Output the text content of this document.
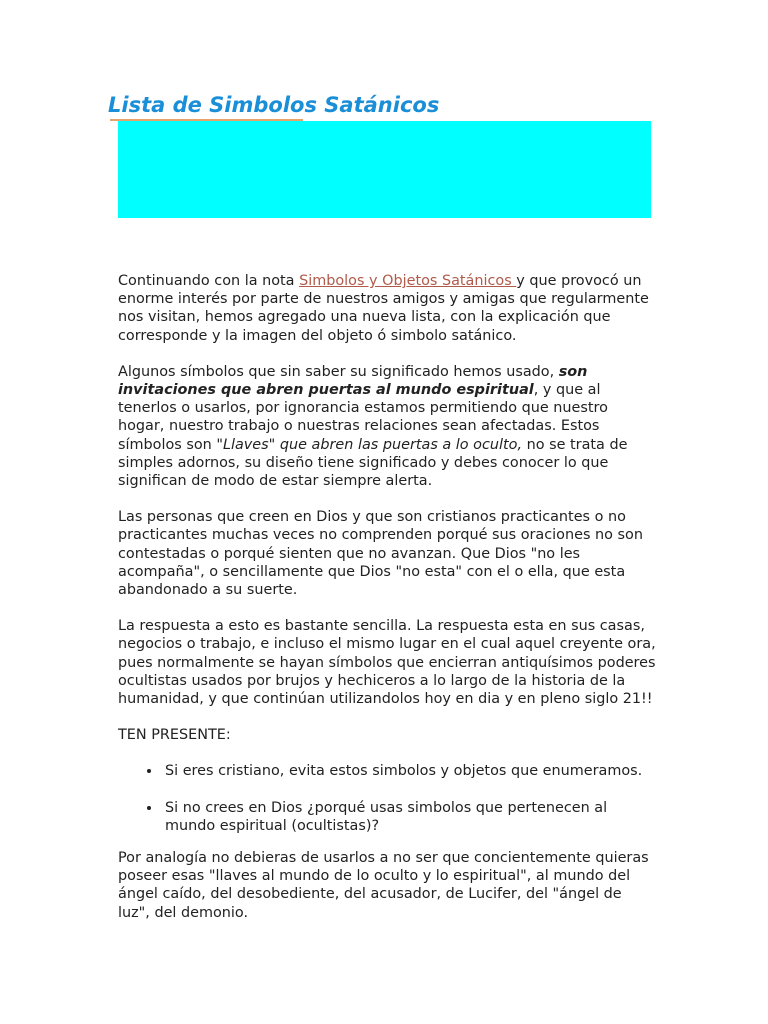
Lista de Simbolos Satánicos

Continuando con la nota Simbolos y Objetos Satánicos y que provocó un enorme interés por parte de nuestros amigos y amigas que regularmente nos visitan, hemos agregado una nueva lista, con la explicación que corresponde y la imagen del objeto ó simbolo satánico.

Algunos símbolos que sin saber su significado hemos usado, son invitaciones que abren puertas al mundo espiritual, y que al tenerlos o usarlos, por ignorancia estamos permitiendo que nuestro hogar, nuestro trabajo o nuestras relaciones sean afectadas. Estos símbolos son "Llaves" que abren las puertas a lo oculto, no se trata de simples adornos, su diseño tiene significado y debes conocer lo que significan de modo de estar siempre alerta.

Las personas que creen en Dios y que son cristianos practicantes o no practicantes muchas veces no comprenden porqué sus oraciones no son contestadas o porqué sienten que no avanzan. Que Dios "no les acompaña", o sencillamente que Dios "no esta" con el o ella, que esta abandonado a su suerte.

La respuesta a esto es bastante sencilla. La respuesta esta en sus casas, negocios o trabajo, e incluso el mismo lugar en el cual aquel creyente ora, pues normalmente se hayan símbolos que encierran antiquísimos poderes ocultistas usados por brujos y hechiceros a lo largo de la historia de la humanidad, y que continúan utilizandolos hoy en dia y en pleno siglo 21!!

TEN PRESENTE:

• Si eres cristiano, evita estos simbolos y objetos que enumeramos.
• Si no crees en Dios ¿porqué usas simbolos que pertenecen al mundo espiritual (ocultistas)?

Por analogía no debieras de usarlos a no ser que concientemente quieras poseer esas "llaves al mundo de lo oculto y lo espiritual", al mundo del ángel caído, del desobediente, del acusador, de Lucifer, del "ángel de luz", del demonio.
